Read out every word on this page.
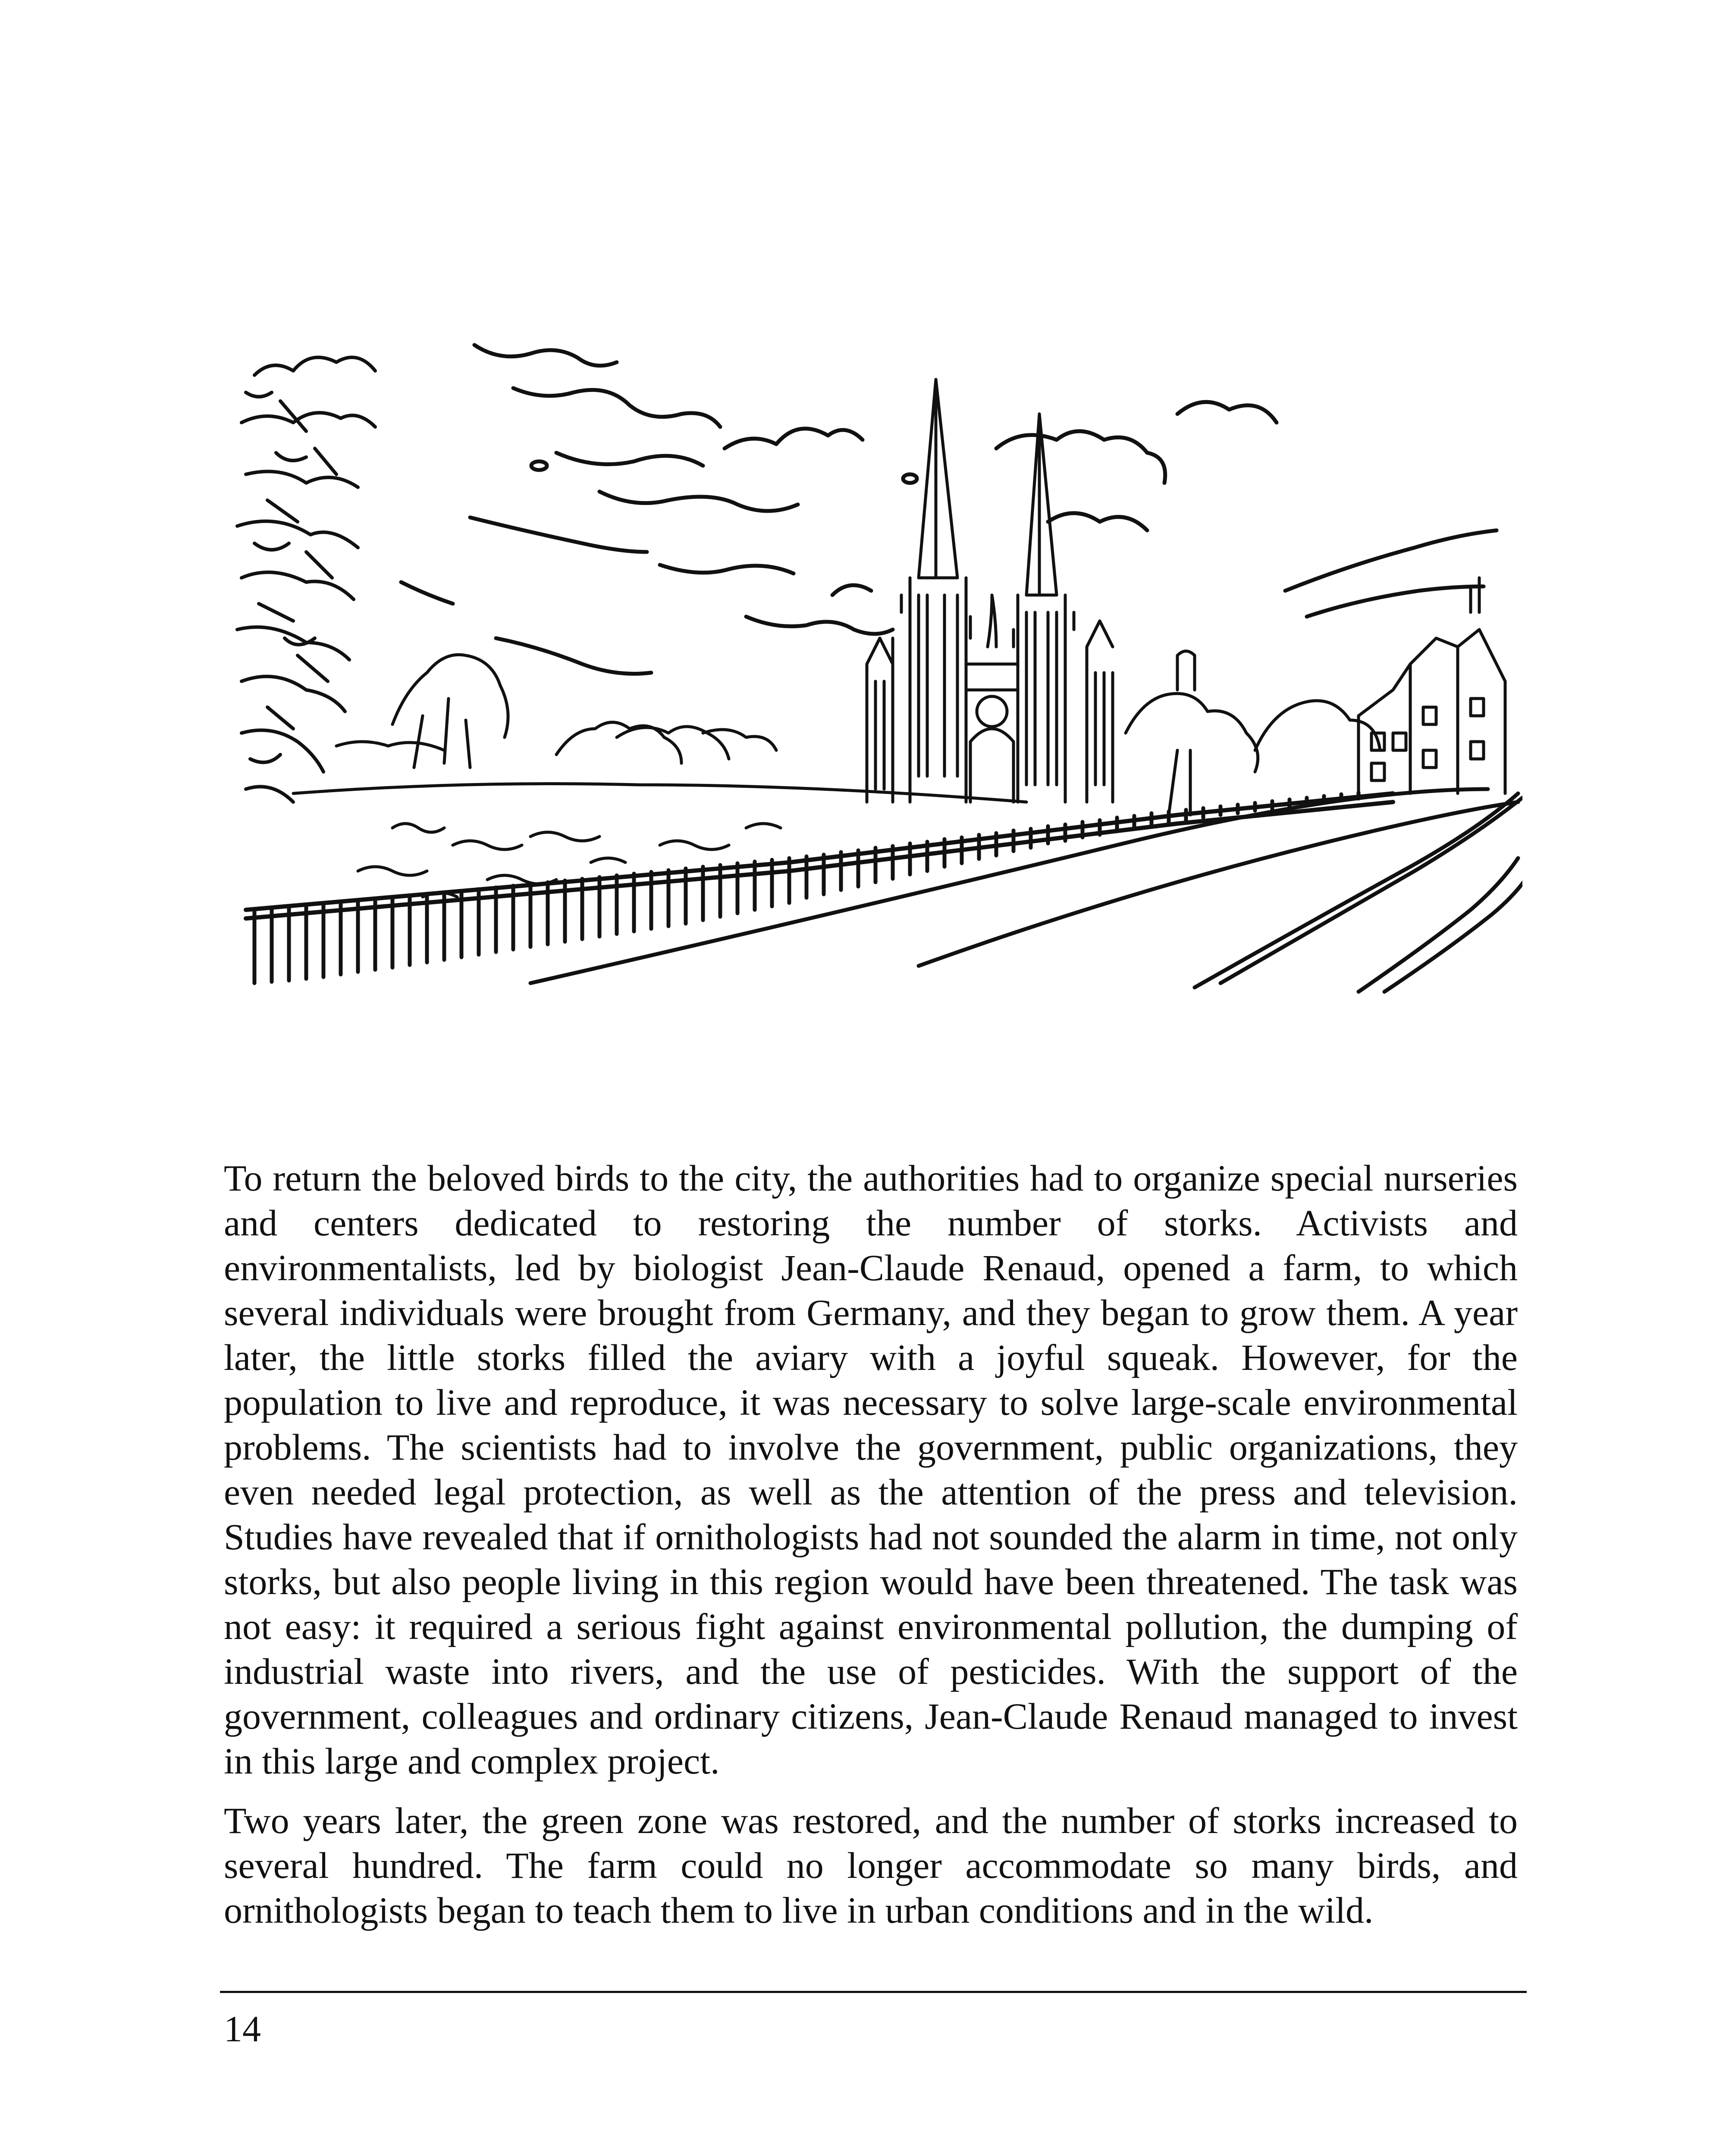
To return the beloved birds to the city, the authorities had to organize special nurseries and centers dedicated to restoring the number of storks. Activists and environmentalists, led by biologist Jean-Claude Renaud, opened a farm, to which several individuals were brought from Germany, and they began to grow them. A year later, the little storks filled the aviary with a joyful squeak. However, for the population to live and reproduce, it was necessary to solve large-scale environmental problems. The scientists had to involve the government, public organizations, they even needed legal protection, as well as the attention of the press and television. Studies have revealed that if ornithologists had not sounded the alarm in time, not only storks, but also people living in this region would have been threatened. The task was not easy: it required a serious fight against environmental pollution, the dumping of industrial waste into rivers, and the use of pesticides. With the support of the government, colleagues and ordinary citizens, Jean-Claude Renaud managed to invest in this large and complex project.

Two years later, the green zone was restored, and the number of storks increased to several hundred. The farm could no longer accommodate so many birds, and ornithologists began to teach them to live in urban conditions and in the wild.

14
